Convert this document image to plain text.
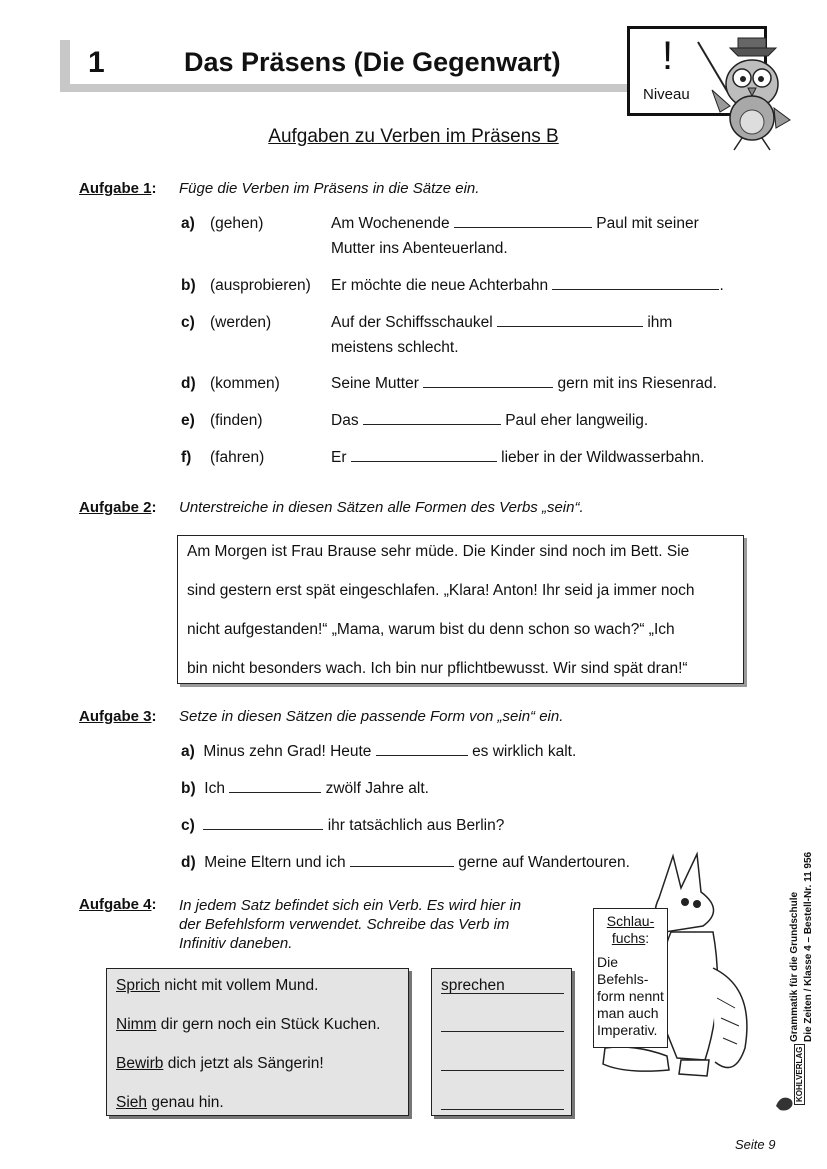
1	Das Präsens (Die Gegenwart)	!
Niveau
Aufgaben zu Verben im Präsens B
Aufgabe 1: Füge die Verben im Präsens in die Sätze ein.
a) (gehen)	Am Wochenende	Paul mit seiner
Mutter ins Abenteuerland.
b) (ausprobieren) Er möchte die neue Achterbahn	.
c) (werden)	Auf der Schiffsschaukel	ihm
meistens schlecht.
d) (kommen)	Seine Mutter	gern mit ins Riesenrad.
e) (finden)	Das	Paul eher langweilig.
f) (fahren)	Er	lieber in der Wildwasserbahn.
Aufgabe 2: Unterstreiche in diesen Sätzen alle Formen des Verbs „sein“.
Am Morgen ist Frau Brause sehr müde. Die Kinder sind noch im Bett. Sie
sind gestern erst spät eingeschlafen. „Klara! Anton! Ihr seid ja immer noch
nicht aufgestanden!“ „Mama, warum bist du denn schon so wach?“ „Ich
bin nicht besonders wach. Ich bin nur pflichtbewusst. Wir sind spät dran!“
Aufgabe 3: Setze in diesen Sätzen die passende Form von „sein“ ein.
a) Minus zehn Grad! Heute	es wirklich kalt.
b) Ich	zwölf Jahre alt.
c)	ihr tatsächlich aus Berlin?
d) Meine Eltern und ich	gerne auf Wandertouren.
Aufgabe 4: In jedem Satz befindet sich ein Verb. Es wird hier in
der Befehlsform verwendet. Schreibe das Verb im
Infinitiv daneben.
Sprich nicht mit vollem Mund.
Nimm dir gern noch ein Stück Kuchen.
Bewirb dich jetzt als Sängerin!
Sieh genau hin.
sprechen
Schlau-
fuchs:
Die Befehls-
form nennt
man auch
Imperativ.	Grammatik für die Grundschule Die Zeiten / Klasse 4 – Bestell-Nr. 11 956
KOHLVERLAG
Seite 9
